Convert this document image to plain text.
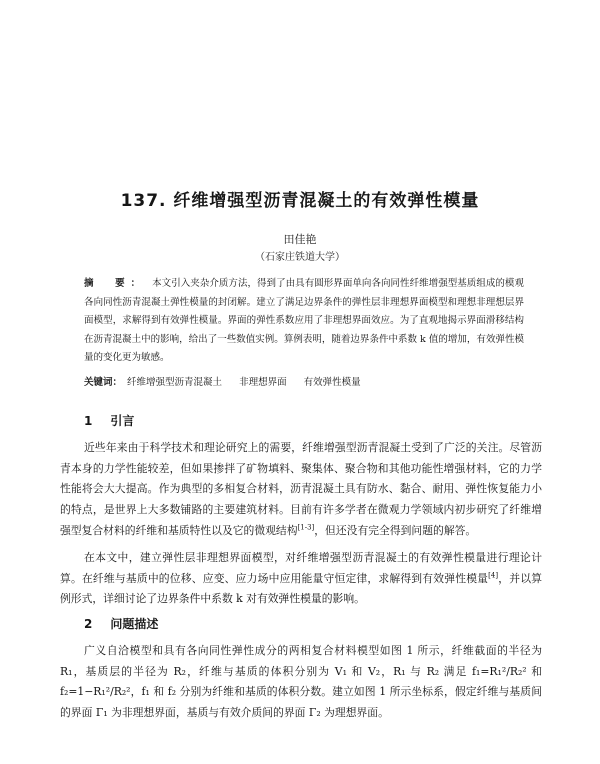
137. 纤维增强型沥青混凝土的有效弹性模量
田佳艳
（石家庄铁道大学）
摘　要： 本文引入夹杂介质方法，得到了由具有圆形界面单向各向同性纤维增强型基质组成的模观各向同性沥青混凝土弹性模量的封闭解。建立了满足边界条件的弹性层非理想界面模型和理想非理想层界面模型，求解得到有效弹性模量。界面的弹性系数应用了非理想界面效应。为了直观地揭示界面滑移结构在沥青混凝土中的影响，给出了一些数值实例。算例表明，随着边界条件中系数 k 值的增加，有效弹性模量的变化更为敏感。
关键词： 纤维增强型沥青混凝土 非理想界面 有效弹性模量
1 引言
近些年来由于科学技术和理论研究上的需要，纤维增强型沥青混凝土受到了广泛的关注。尽管沥青本身的力学性能较差，但如果掺拌了矿物填料、聚集体、聚合物和其他功能性增强材料，它的力学性能将会大大提高。作为典型的多相复合材料，沥青混凝土具有防水、黏合、耐用、弹性恢复能力小的特点，是世界上大多数铺路的主要建筑材料。目前有许多学者在微观力学领域内初步研究了纤维增强型复合材料的纤维和基质特性以及它的微观结构[1-3]，但还没有完全得到问题的解答。
在本文中，建立弹性层非理想界面模型，对纤维增强型沥青混凝土的有效弹性模量进行理论计算。在纤维与基质中的位移、应变、应力场中应用能量守恒定律，求解得到有效弹性模量[4]，并以算例形式，详细讨论了边界条件中系数 k 对有效弹性模量的影响。
2 问题描述
广义自洽模型和具有各向同性弹性成分的两相复合材料模型如图 1 所示，纤维截面的半径为 R₁，基质层的半径为 R₂，纤维与基质的体积分别为 V₁ 和 V₂，R₁ 与 R₂ 满足 f₁=R₁²/R₂² 和 f₂=1−R₁²/R₂²，f₁ 和 f₂ 分别为纤维和基质的体积分数。建立如图 1 所示坐标系，假定纤维与基质间的界面 Γ₁ 为非理想界面，基质与有效介质间的界面 Γ₂ 为理想界面。
